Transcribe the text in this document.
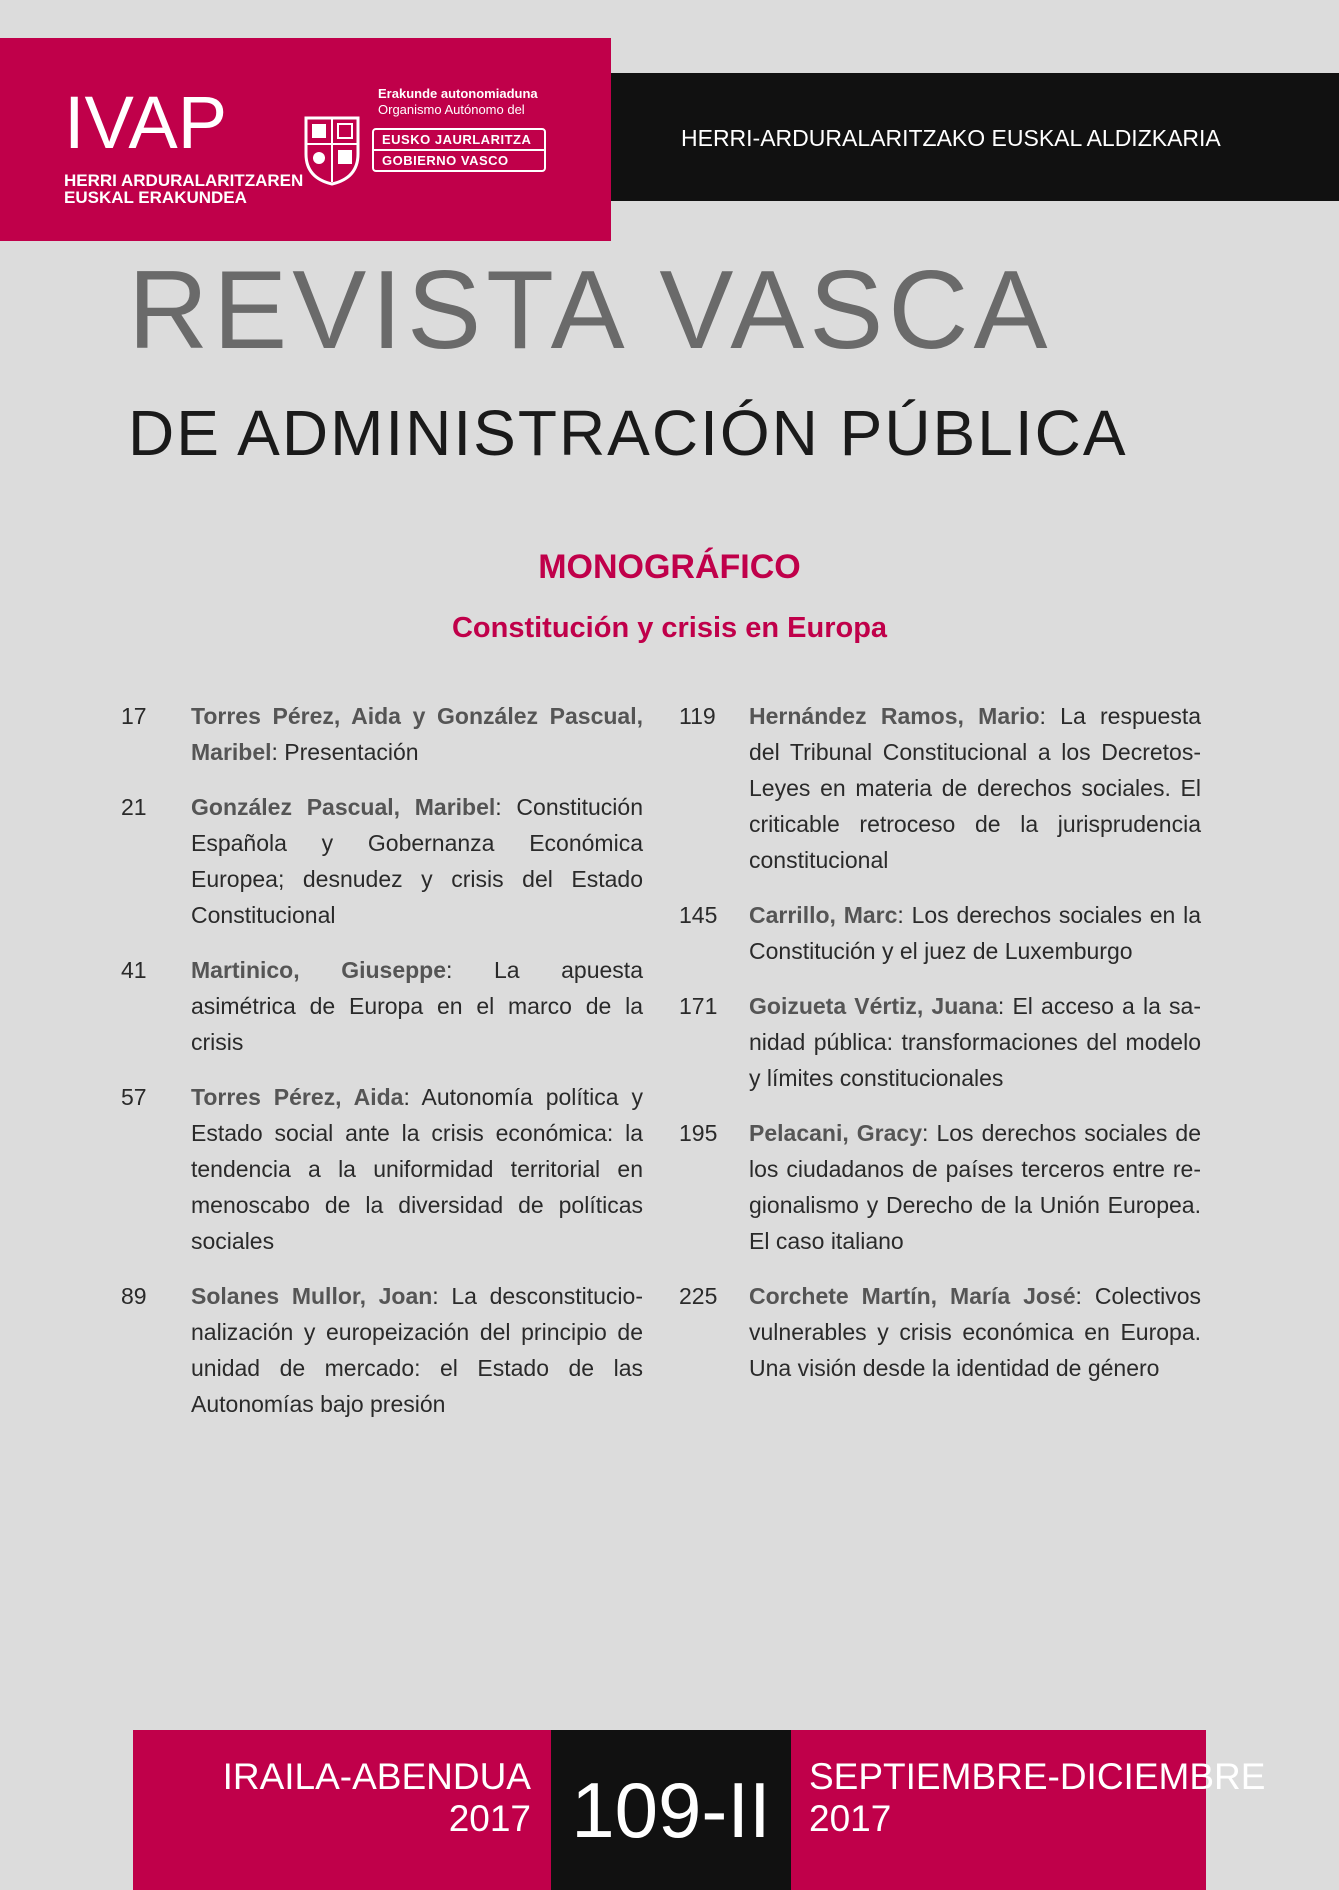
IVAP
HERRI ARDURALARITZAREN
EUSKAL ERAKUNDEA
Erakunde autonomiaduna
Organismo Autónomo del
EUSKO JAURLARITZA
GOBIERNO VASCO
HERRI-ARDURALARITZAKO EUSKAL ALDIZKARIA
REVISTA VASCA
DE ADMINISTRACIÓN PÚBLICA
MONOGRÁFICO
Constitución y crisis en Europa
17	Torres Pérez, Aida y González Pascual, Maribel: Presentación
21	González Pascual, Maribel: Constitución Española y Gobernanza Económica Europea; desnudez y crisis del Estado Constitucional
41	Martinico, Giuseppe: La apuesta asimétrica de Europa en el marco de la crisis
57	Torres Pérez, Aida: Autonomía política y Estado social ante la crisis económica: la tendencia a la uniformidad territorial en menoscabo de la diversidad de políticas sociales
89	Solanes Mullor, Joan: La desconstitucionalización y europeización del principio de unidad de mercado: el Estado de las Autonomías bajo presión
119	Hernández Ramos, Mario: La respuesta del Tribunal Constitucional a los Decretos-Leyes en materia de derechos sociales. El criticable retroceso de la jurisprudencia constitucional
145	Carrillo, Marc: Los derechos sociales en la Constitución y el juez de Luxemburgo
171	Goizueta Vértiz, Juana: El acceso a la sanidad pública: transformaciones del modelo y límites constitucionales
195	Pelacani, Gracy: Los derechos sociales de los ciudadanos de países terceros entre regionalismo y Derecho de la Unión Europea. El caso italiano
225	Corchete Martín, María José: Colectivos vulnerables y crisis económica en Europa. Una visión desde la identidad de género
IRAILA-ABENDUA
2017 109-II	SEPTIEMBRE-DICIEMBRE
2017
